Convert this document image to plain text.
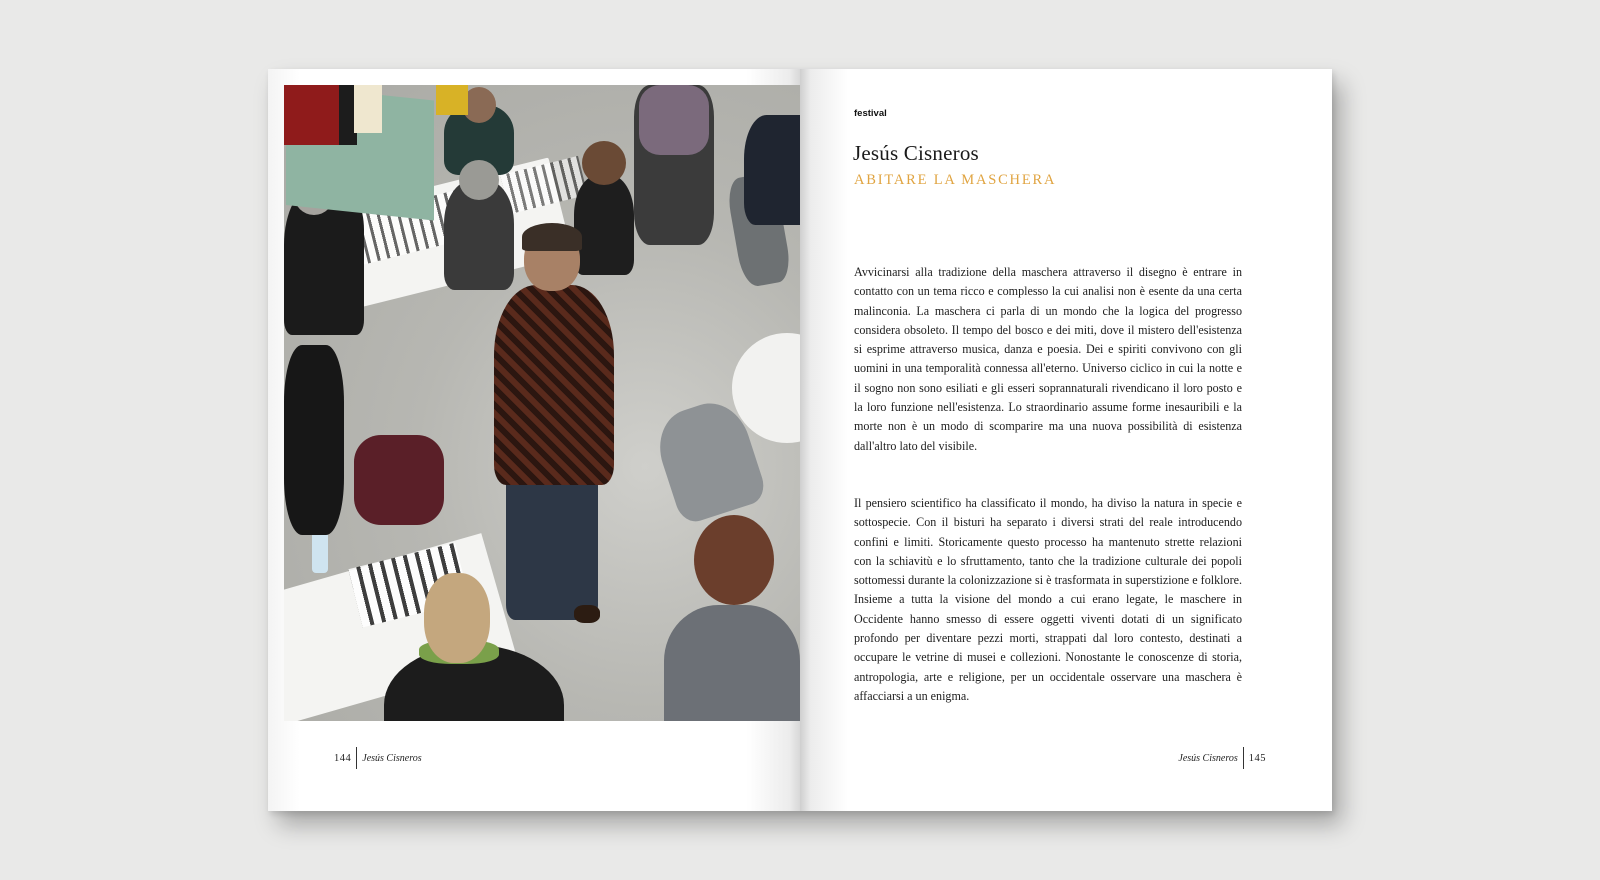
144 Jesús Cisneros
festival
Jesús Cisneros
ABITARE LA MASCHERA

Avvicinarsi alla tradizione della maschera attraverso il disegno è entrare in contatto con un tema ricco e complesso la cui analisi non è esente da una certa malinconia. La maschera ci parla di un mondo che la logica del progresso considera obsoleto. Il tempo del bosco e dei miti, dove il mistero dell'esistenza si esprime attraverso musica, danza e poesia. Dei e spiriti convivono con gli uomini in una temporalità connessa all'eterno. Universo ciclico in cui la notte e il sogno non sono esiliati e gli esseri soprannaturali rivendicano il loro posto e la loro funzione nell'esistenza. Lo straordinario assume forme inesauribili e la morte non è un modo di scomparire ma una nuova possibilità di esistenza dall'altro lato del visibile.

Il pensiero scientifico ha classificato il mondo, ha diviso la natura in specie e sottospecie. Con il bisturi ha separato i diversi strati del reale introducendo confini e limiti. Storicamente questo processo ha mantenuto strette relazioni con la schiavitù e lo sfruttamento, tanto che la tradizione culturale dei popoli sottomessi durante la colonizzazione si è trasformata in superstizione e folklore. Insieme a tutta la visione del mondo a cui erano legate, le maschere in Occidente hanno smesso di essere oggetti viventi dotati di un significato profondo per diventare pezzi morti, strappati dal loro contesto, destinati a occupare le vetrine di musei e collezioni. Nonostante le conoscenze di storia, antropologia, arte e religione, per un occidentale osservare una maschera è affacciarsi a un enigma.

Jesús Cisneros 145
